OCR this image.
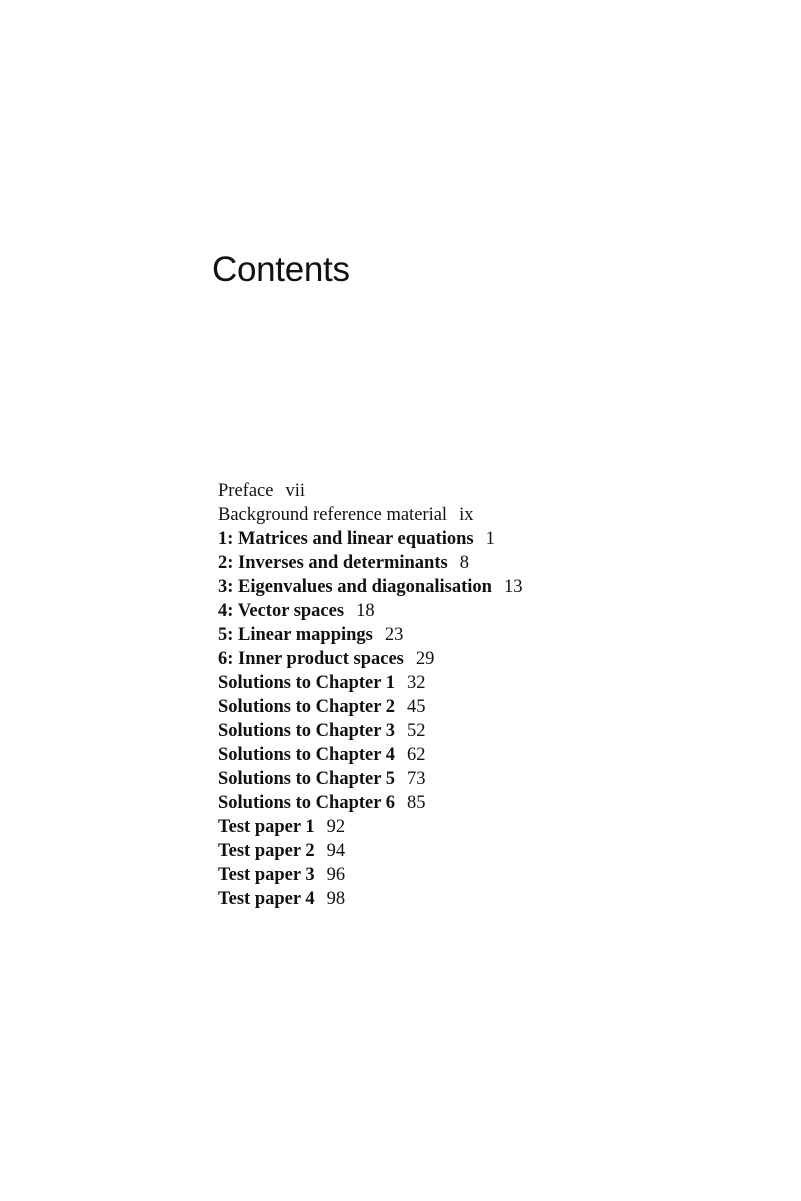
Contents
Preface vii
Background reference material ix
1: Matrices and linear equations 1
2: Inverses and determinants 8
3: Eigenvalues and diagonalisation 13
4: Vector spaces 18
5: Linear mappings 23
6: Inner product spaces 29
Solutions to Chapter 1 32
Solutions to Chapter 2 45
Solutions to Chapter 3 52
Solutions to Chapter 4 62
Solutions to Chapter 5 73
Solutions to Chapter 6 85
Test paper 1 92
Test paper 2 94
Test paper 3 96
Test paper 4 98
